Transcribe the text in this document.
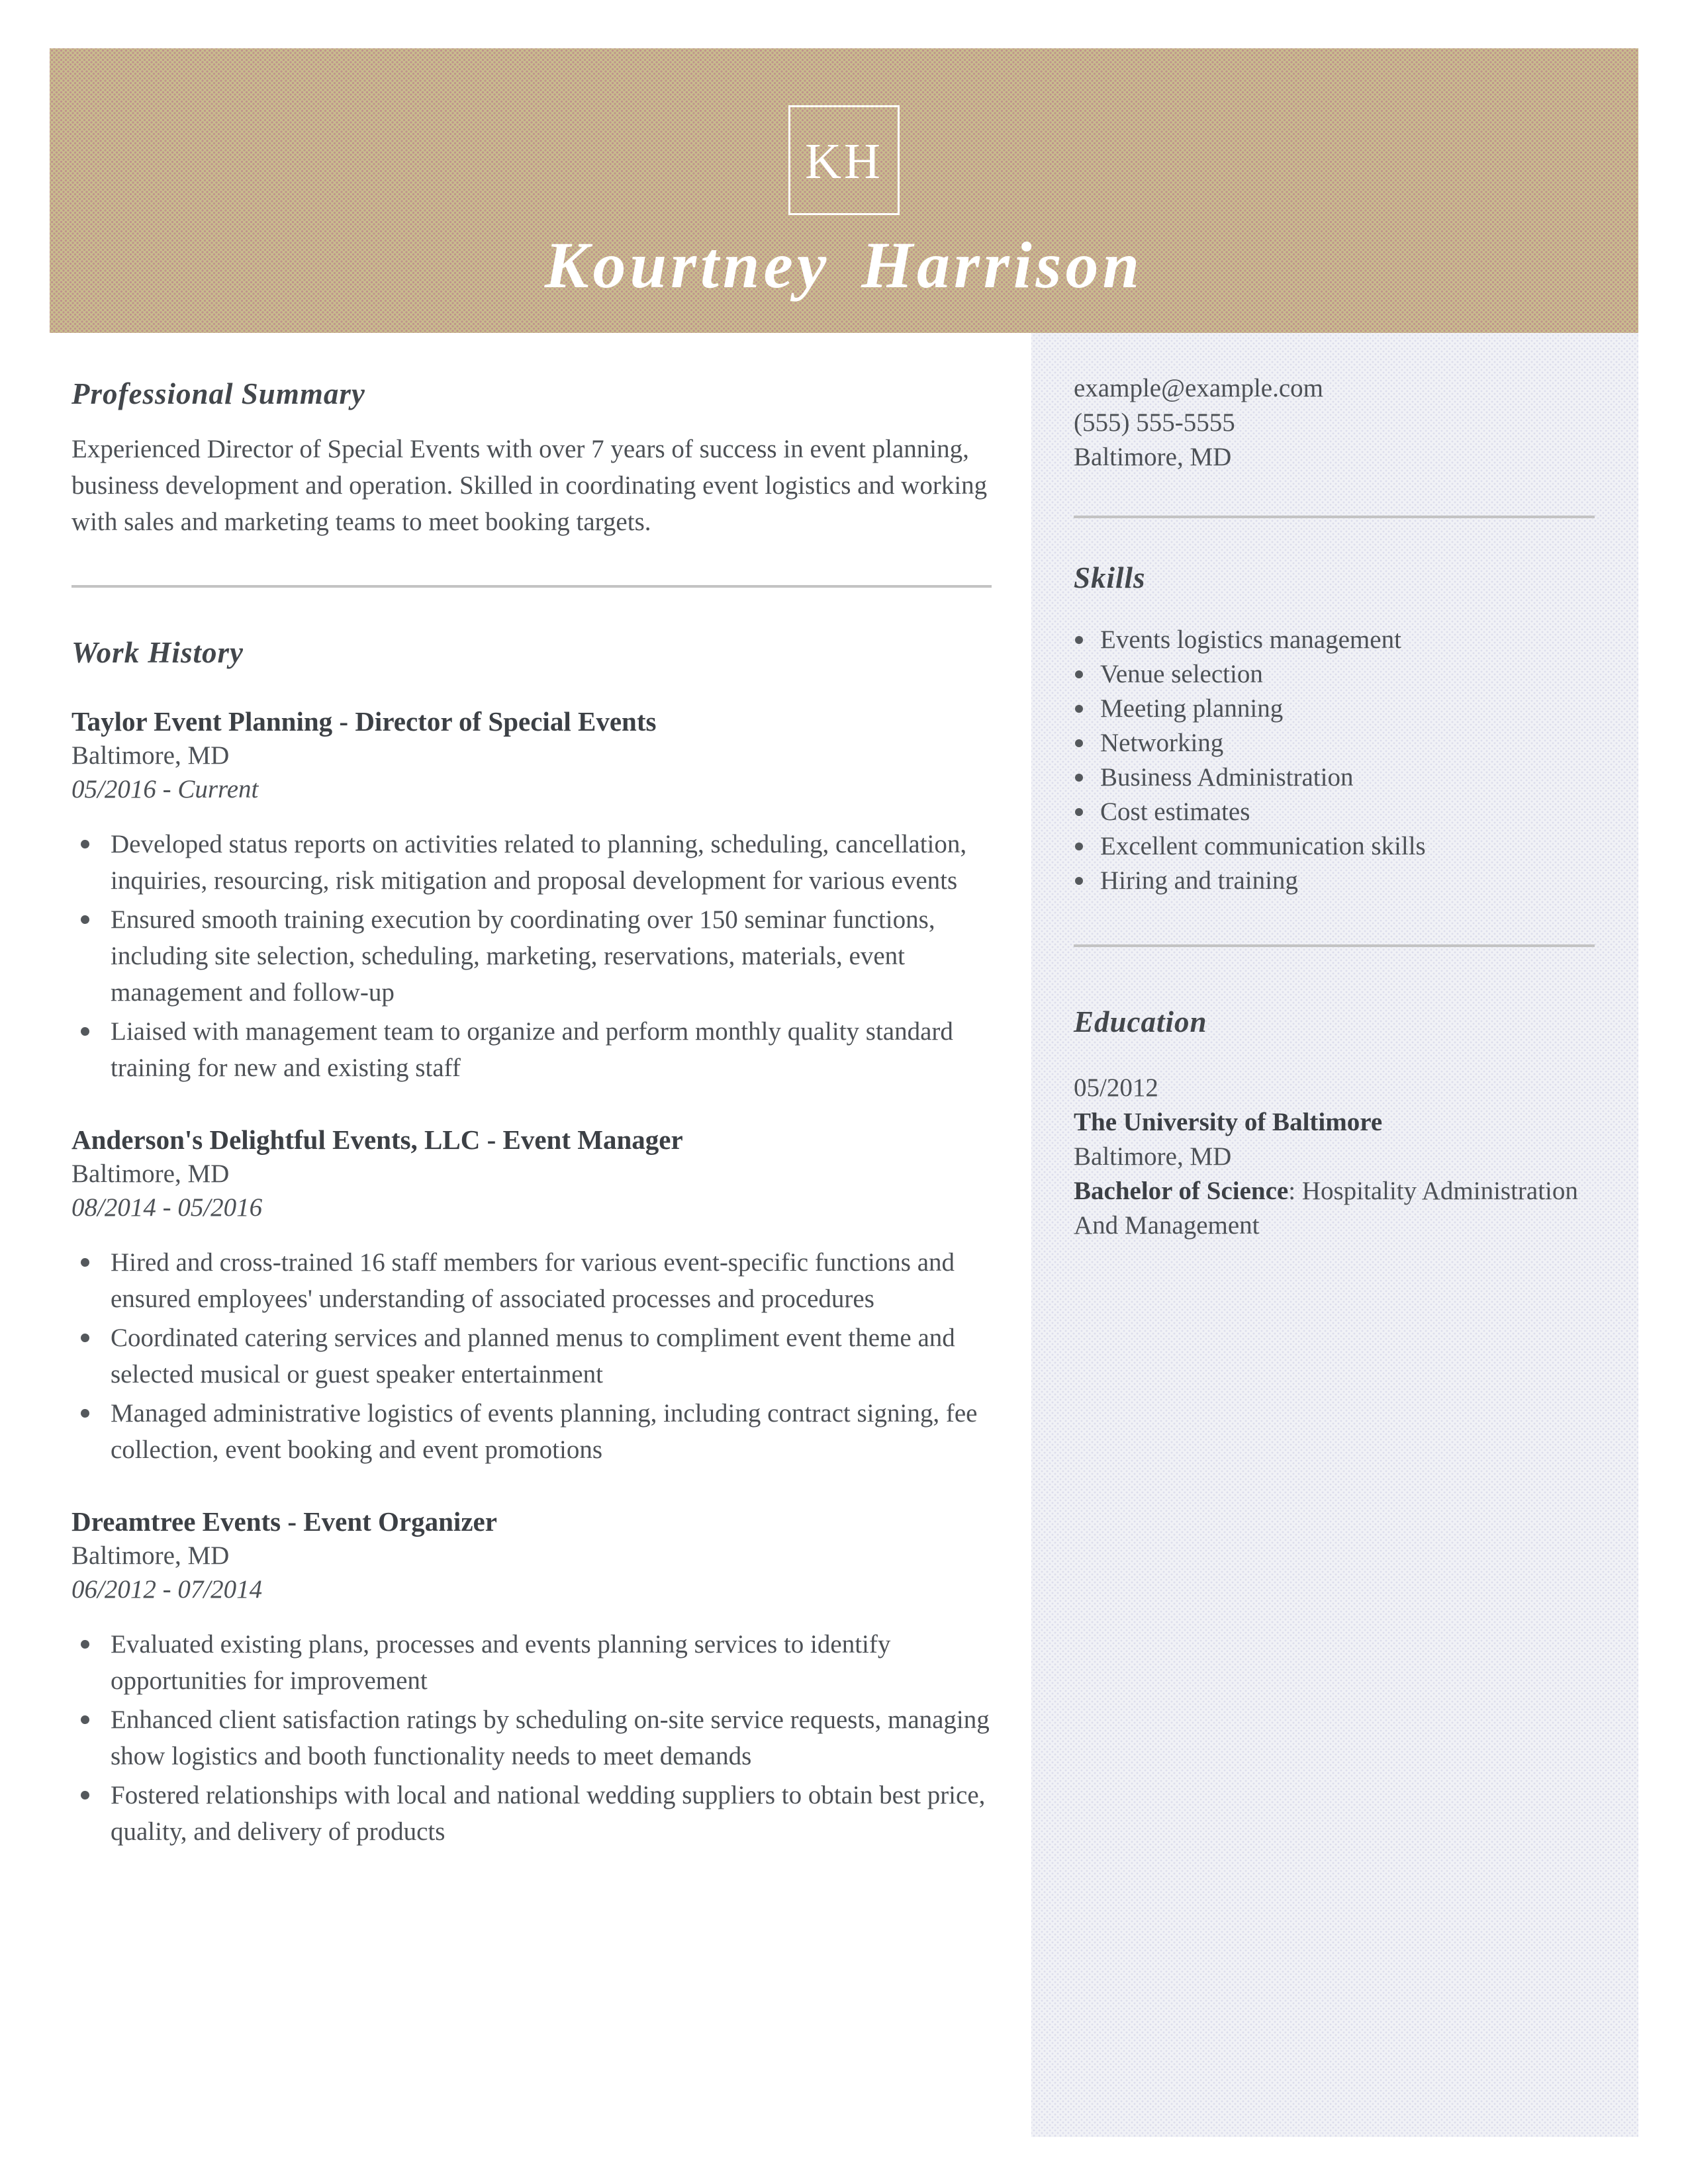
KH
Kourtney Harrison
example@example.com
(555) 555-5555
Baltimore, MD
Skills
Events logistics management
Venue selection
Meeting planning
Networking
Business Administration
Cost estimates
Excellent communication skills
Hiring and training
Education
05/2012
The University of Baltimore
Baltimore, MD
Bachelor of Science: Hospitality Administration And Management
Professional Summary

Experienced Director of Special Events with over 7 years of success in event planning, business development and operation. Skilled in coordinating event logistics and working with sales and marketing teams to meet booking targets.

Work History
Taylor Event Planning - Director of Special Events
Baltimore, MD
05/2016 - Current
Developed status reports on activities related to planning, scheduling, cancellation, inquiries, resourcing, risk mitigation and proposal development for various events
Ensured smooth training execution by coordinating over 150 seminar functions, including site selection, scheduling, marketing, reservations, materials, event management and follow-up
Liaised with management team to organize and perform monthly quality standard training for new and existing staff
Anderson's Delightful Events, LLC - Event Manager
Baltimore, MD
08/2014 - 05/2016
Hired and cross-trained 16 staff members for various event-specific functions and ensured employees' understanding of associated processes and procedures
Coordinated catering services and planned menus to compliment event theme and selected musical or guest speaker entertainment
Managed administrative logistics of events planning, including contract signing, fee collection, event booking and event promotions
Dreamtree Events - Event Organizer
Baltimore, MD
06/2012 - 07/2014
Evaluated existing plans, processes and events planning services to identify opportunities for improvement
Enhanced client satisfaction ratings by scheduling on-site service requests, managing show logistics and booth functionality needs to meet demands
Fostered relationships with local and national wedding suppliers to obtain best price, quality, and delivery of products
